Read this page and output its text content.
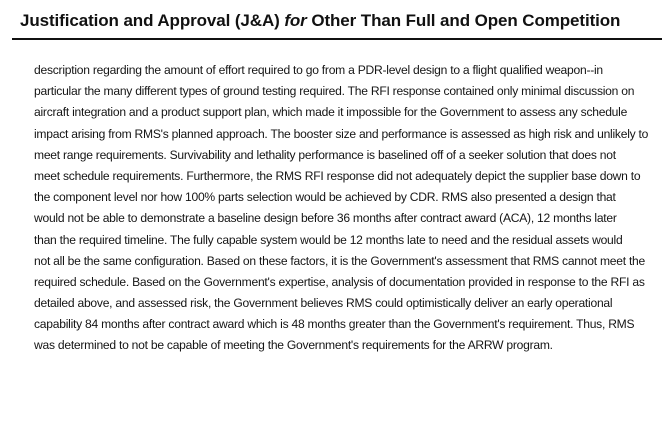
Justification and Approval (J&A) for Other Than Full and Open Competition
description regarding the amount of effort required to go from a PDR-level design to a flight qualified weapon--in
particular the many different types of ground testing required. The RFI response contained only minimal discussion on
aircraft integration and a product support plan, which made it impossible for the Government to assess any schedule
impact arising from RMS's planned approach. The booster size and performance is assessed as high risk and unlikely to
meet range requirements. Survivability and lethality performance is baselined off of a seeker solution that does not
meet schedule requirements. Furthermore, the RMS RFI response did not adequately depict the supplier base down to
the component level nor how 100% parts selection would be achieved by CDR. RMS also presented a design that
would not be able to demonstrate a baseline design before 36 months after contract award (ACA), 12 months later
than the required timeline. The fully capable system would be 12 months late to need and the residual assets would
not all be the same configuration. Based on these factors, it is the Government's assessment that RMS cannot meet the
required schedule. Based on the Government's expertise, analysis of documentation provided in response to the RFI as
detailed above, and assessed risk, the Government believes RMS could optimistically deliver an early operational
capability 84 months after contract award which is 48 months greater than the Government's requirement. Thus, RMS
was determined to not be capable of meeting the Government's requirements for the ARRW program.
